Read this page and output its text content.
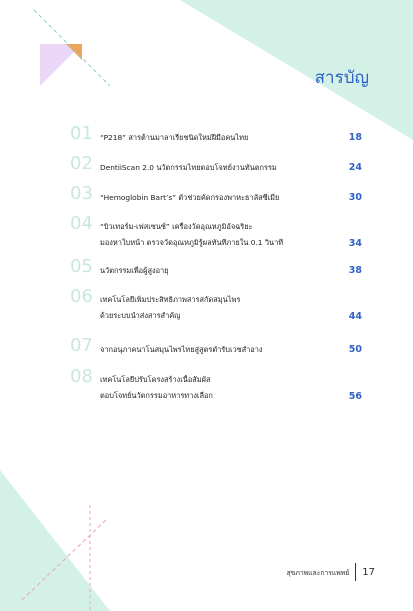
สารบัญ
01 “P218” สารต้านมาลาเรียชนิดใหม่ฝีมือคนไทย	18
02 DentiiScan 2.0 นวัตกรรมไทยตอบโจทย์งานทันตกรรม	24
03 “Hemoglobin Bart’s” ตัวช่วยคัดกรองพาหะธาลัสซีเมีย	30
04 “บิวเทอร์ม-เฟสเซนซ์” เครื่องวัดอุณหภูมิอัจฉริยะ
มองหาใบหน้า ตรวจวัดอุณหภูมิรู้ผลทันทีภายใน 0.1 วินาที	34
05 นวัตกรรมเพื่อผู้สูงอายุ	38
06 เทคโนโลยีเพิ่มประสิทธิภาพสารสกัดสมุนไพร
ด้วยระบบนำส่งสารสำคัญ	44
07 จากอนุภาคนาโนสมุนไพรไทยสู่สูตรตำรับเวชสำอาง	50
08 เทคโนโลยีปรับโครงสร้างเนื้อสัมผัส
ตอบโจทย์นวัตกรรมอาหารทางเลือก	56
สุขภาพและการแพทย์ 17
